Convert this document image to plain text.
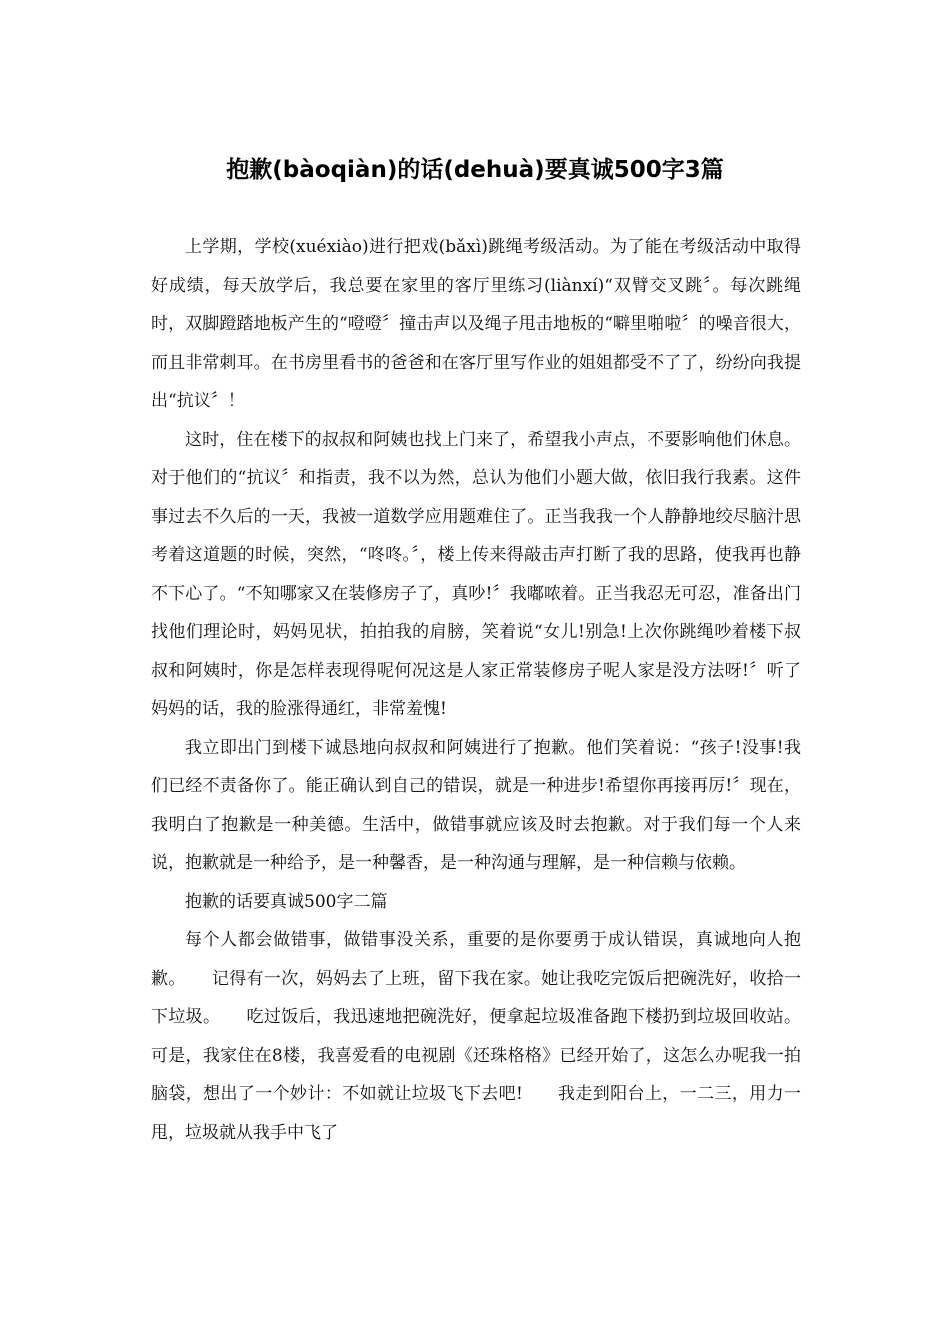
抱歉(bàoqiàn)的话(dehuà)要真诚500字3篇

上学期，学校(xuéxiào)进行把戏(bǎxì)跳绳考级活动。为了能在考级活动中取得好成绩，每天放学后，我总要在家里的客厅里练习(liànxí)“双臂交叉跳〞。每次跳绳时，双脚蹬踏地板产生的“噔噔〞撞击声以及绳子甩击地板的“噼里啪啦〞的噪音很大，而且非常刺耳。在书房里看书的爸爸和在客厅里写作业的姐姐都受不了了，纷纷向我提出“抗议〞！

这时，住在楼下的叔叔和阿姨也找上门来了，希望我小声点，不要影响他们休息。对于他们的“抗议〞和指责，我不以为然，总认为他们小题大做，依旧我行我素。这件事过去不久后的一天，我被一道数学应用题难住了。正当我我一个人静静地绞尽脑汁思考着这道题的时候，突然，“咚咚。〞，楼上传来得敲击声打断了我的思路，使我再也静不下心了。“不知哪家又在装修房子了，真吵!〞我嘟哝着。正当我忍无可忍，准备出门找他们理论时，妈妈见状，拍拍我的肩膀，笑着说“女儿!别急!上次你跳绳吵着楼下叔叔和阿姨时，你是怎样表现得呢何况这是人家正常装修房子呢人家是没方法呀!〞听了妈妈的话，我的脸涨得通红，非常羞愧!

我立即出门到楼下诚恳地向叔叔和阿姨进行了抱歉。他们笑着说：“孩子!没事!我们已经不责备你了。能正确认到自己的错误，就是一种进步!希望你再接再厉!〞现在，我明白了抱歉是一种美德。生活中，做错事就应该及时去抱歉。对于我们每一个人来说，抱歉就是一种给予，是一种馨香，是一种沟通与理解，是一种信赖与依赖。

抱歉的话要真诚500字二篇

每个人都会做错事，做错事没关系，重要的是你要勇于成认错误，真诚地向人抱歉。　　记得有一次，妈妈去了上班，留下我在家。她让我吃完饭后把碗洗好，收拾一下垃圾。　　吃过饭后，我迅速地把碗洗好，便拿起垃圾准备跑下楼扔到垃圾回收站。可是，我家住在8楼，我喜爱看的电视剧《还珠格格》已经开始了，这怎么办呢我一拍脑袋，想出了一个妙计：不如就让垃圾飞下去吧!　　我走到阳台上，一二三，用力一甩，垃圾就从我手中飞了
